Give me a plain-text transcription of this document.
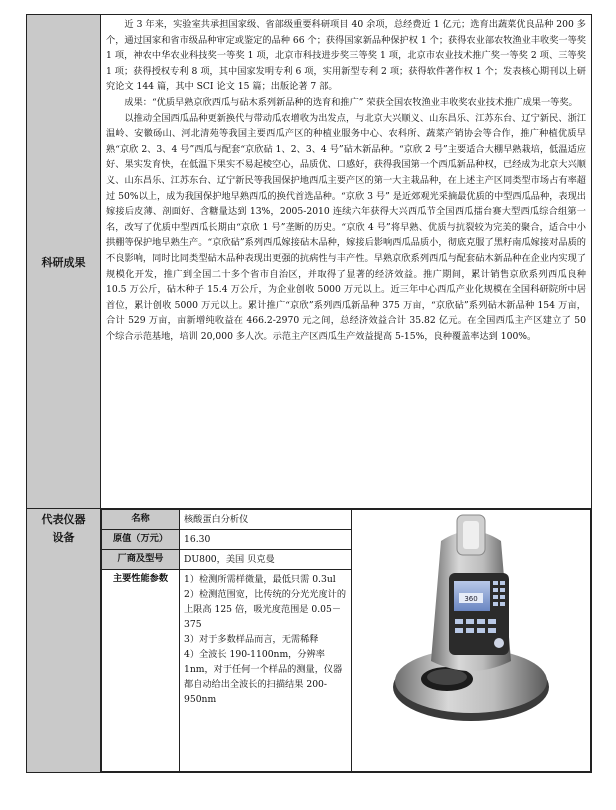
科研成果	

近 3 年来，实验室共承担国家级、省部级重要科研项目 40 余项，总经费近 1 亿元；选育出蔬菜优良品种 200 多个，通过国家和省市级品种审定或鉴定的品种 66 个；获得国家新品种保护权 1 个；获得农业部农牧渔业丰收奖一等奖 1 项，神农中华农业科技奖一等奖 1 项，北京市科技进步奖三等奖 1 项，北京市农业技术推广奖一等奖 2 项、三等奖 1 项；获得授权专利 8 项，其中国家发明专利 6 项，实用新型专利 2 项；获得软件著作权 1 个；发表核心期刊以上研究论文 144 篇，其中 SCI 论文 15 篇；出版论著 7 部。

成果：“优质早熟京欣西瓜与砧木系列新品种的选育和推广” 荣获全国农牧渔业丰收奖农业技术推广成果一等奖。

以推动全国西瓜品种更新换代与带动瓜农增收为出发点，与北京大兴顺义、山东昌乐、江苏东台、辽宁新民、浙江温岭、安徽砀山、河北清苑等我国主要西瓜产区的种植业服务中心、农科所、蔬菜产销协会等合作，推广种植优质早熟“京欣 2、3、4 号”西瓜与配套“京欣砧 1、2、3、4 号”砧木新品种。“京欣 2 号”主要适合大棚早熟栽培，低温适应好、果实发育快，在低温下果实不易起棱空心，品质优、口感好，获得我国第一个西瓜新品种权，已经成为北京大兴顺义、山东昌乐、江苏东台、辽宁新民等我国保护地西瓜主要产区的第一大主栽品种，在上述主产区同类型市场占有率超过 50%以上，成为我国保护地早熟西瓜的换代首选品种。“京欣 3 号” 是近郊观光采摘最优质的中型西瓜品种，表现出嫁接后皮薄、剖面好、含糖量达到 13%，2005-2010 连续六年获得大兴西瓜节全国西瓜擂台赛大型西瓜综合组第一名，改写了优质中型西瓜长期由“京欣 1 号”垄断的历史。“京欣 4 号”将早熟、优质与抗裂较为完美的聚合，适合中小拱棚等保护地早熟生产。“京欣砧”系列西瓜嫁接砧木品种，嫁接后影响西瓜品质小，彻底克服了黑籽南瓜嫁接对品质的不良影响，同时比同类型砧木品种表现出更强的抗病性与丰产性。早熟京欣系列西瓜与配套砧木新品种在企业内实现了规模化开发，推广到全国二十多个省市自治区，并取得了显著的经济效益。推广期间，累计销售京欣系列西瓜良种 10.5 万公斤，砧木种子 15.4 万公斤，为企业创收 5000 万元以上。近三年中心西瓜产业化规模在全国科研院所中居首位，累计创收 5000 万元以上。累计推广“京欣”系列西瓜新品种 375 万亩，“京欣砧”系列砧木新品种 154 万亩，合计 529 万亩，亩新增纯收益在 466.2-2970 元之间，总经济效益合计 35.82 亿元。在全国西瓜主产区建立了 50 个综合示范基地，培训 20,000 多人次。示范主产区西瓜生产效益提高 5-15%，良种覆盖率达到 100%。

代表仪器
设备

名称	核酸蛋白分析仪	
360

原值（万元）	16.30
厂商及型号	DU800，美国 贝克曼
主要性能参数	1）检测所需样微量，最低只需 0.3ul
2）检测范围宽，比传统的分光光度计的上限高 125 倍，吸光度范围是 0.05－375
3）对于多数样品而言，无需稀释
4）全波长 190-1100nm，分辨率 1nm，对于任何一个样品的测量，仪器都自动给出全波长的扫描结果 200-950nm
